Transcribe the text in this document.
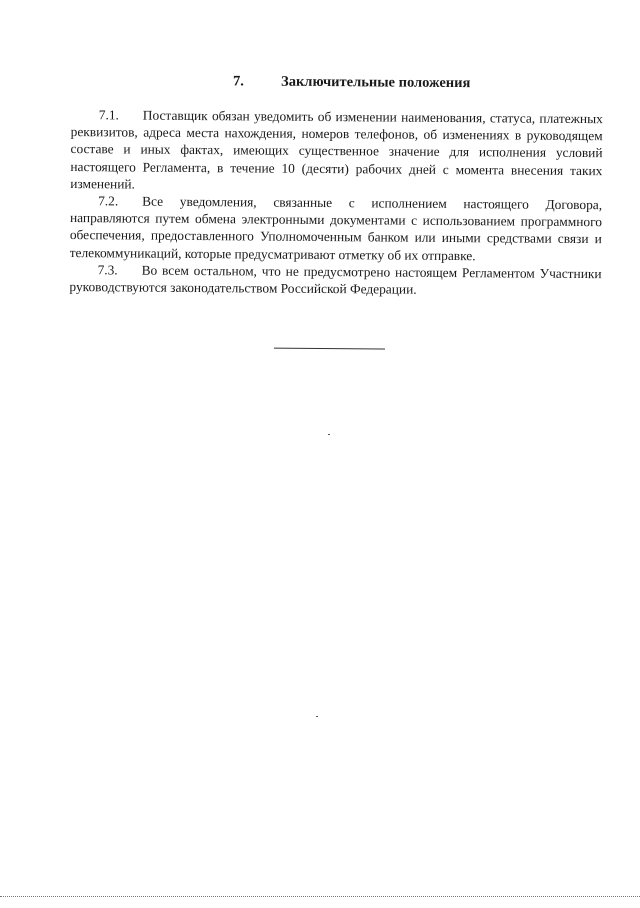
7.	Заключительные положения

7.1. Поставщик обязан уведомить об изменении наименования, статуса, платежных реквизитов, адреса места нахождения, номеров телефонов, об изменениях в руководящем составе и иных фактах, имеющих существенное значение для исполнения условий настоящего Регламента, в течение 10 (десяти) рабочих дней с момента внесения таких изменений.

7.2. Все уведомления, связанные с исполнением настоящего Договора, направляются путем обмена электронными документами с использованием программного обеспечения, предоставленного Уполномоченным банком или иными средствами связи и телекоммуникаций, которые предусматривают отметку об их отправке.

7.3. Во всем остальном, что не предусмотрено настоящем Регламентом Участники руководствуются законодательством Российской Федерации.
